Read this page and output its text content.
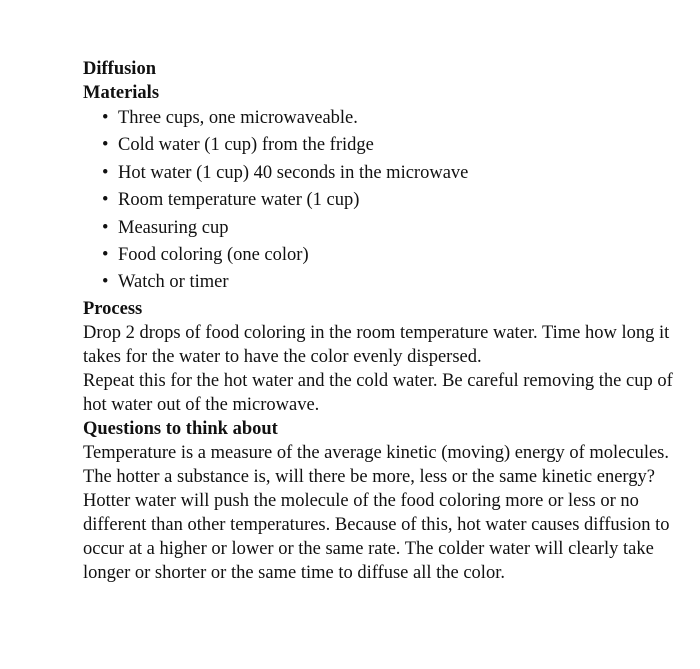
Diffusion
Materials
• Three cups, one microwaveable.
• Cold water (1 cup) from the fridge
• Hot water (1 cup) 40 seconds in the microwave
• Room temperature water (1 cup)
• Measuring cup
• Food coloring (one color)
• Watch or timer
Process

Drop 2 drops of food coloring in the room temperature water. Time how long it takes for the water to have the color evenly dispersed.

Repeat this for the hot water and the cold water. Be careful removing the cup of hot water out of the microwave.

Questions to think about

Temperature is a measure of the average kinetic (moving) energy of molecules. The hotter a substance is, will there be more, less or the same kinetic energy? Hotter water will push the molecule of the food coloring more or less or no different than other temperatures. Because of this, hot water causes diffusion to occur at a higher or lower or the same rate. The colder water will clearly take longer or shorter or the same time to diffuse all the color.
